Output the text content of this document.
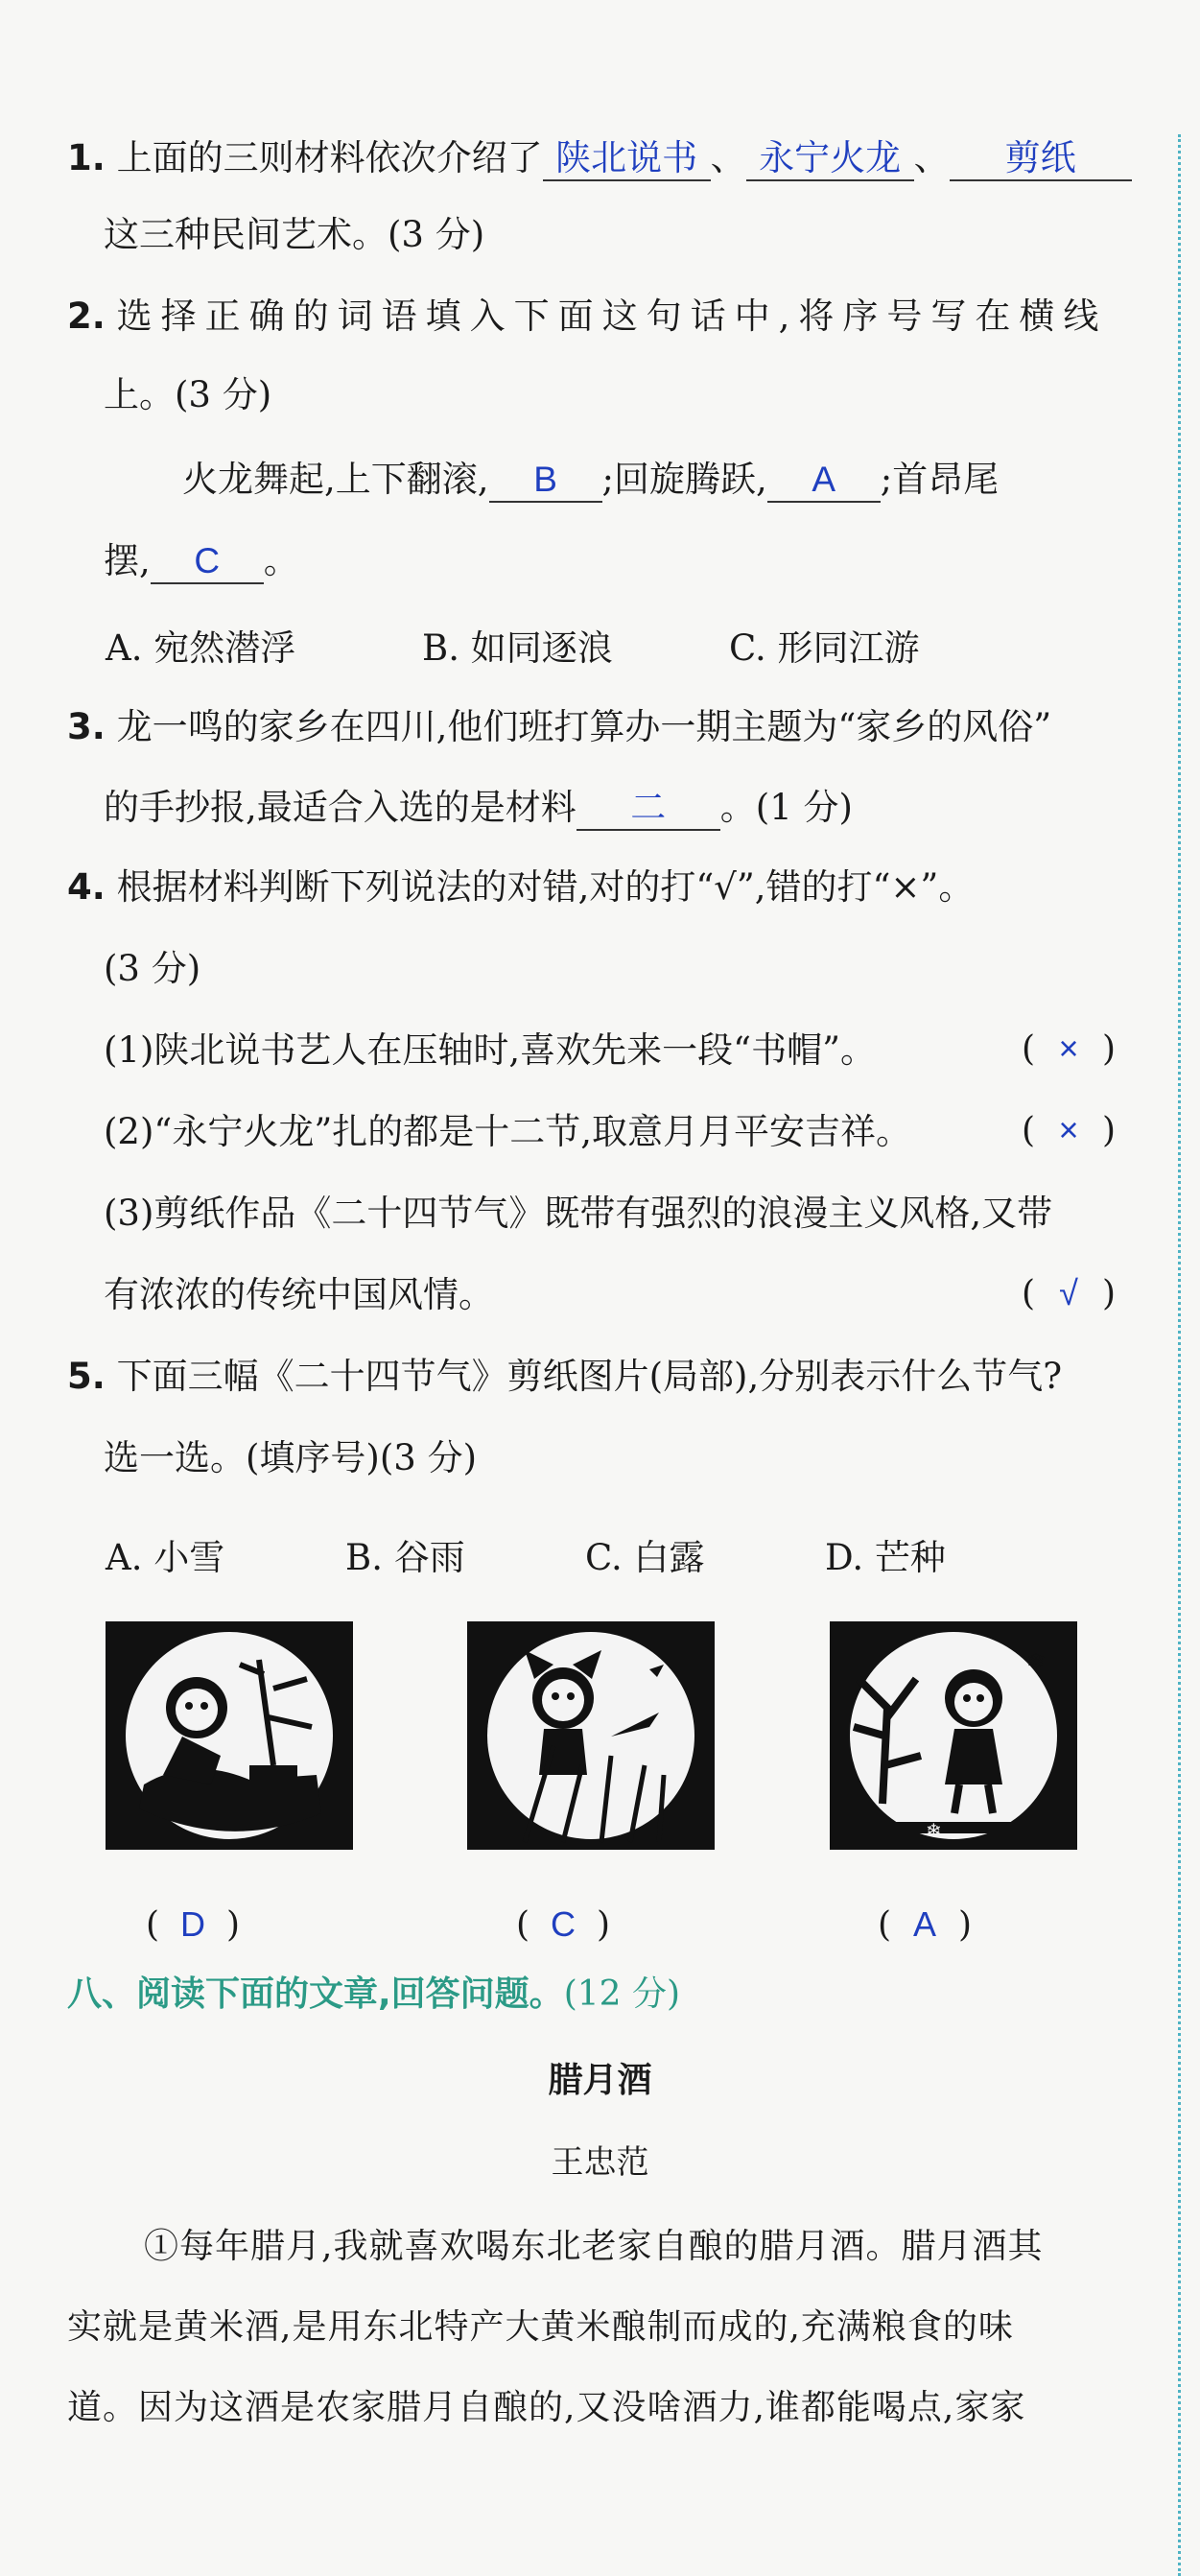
1. 上面的三则材料依次介绍了 陕北说书 、 永宁火龙 、 剪纸
这三种民间艺术。(3 分)
2. 选择正确的词语填入下面这句话中,将序号写在横线
上。(3 分)
火龙舞起,上下翻滚, B ;回旋腾跃, A ;首昂尾
摆, C 。
A. 宛然潜浮	B. 如同逐浪	C. 形同江游
3. 龙一鸣的家乡在四川,他们班打算办一期主题为“家乡的风俗”
的手抄报,最适合入选的是材料 二 。(1 分)
4. 根据材料判断下列说法的对错,对的打“√”,错的打“×”。
(3 分)
(1)陕北说书艺人在压轴时,喜欢先来一段“书帽”。	( × )
(2)“永宁火龙”扎的都是十二节,取意月月平安吉祥。	( × )
(3)剪纸作品《二十四节气》既带有强烈的浪漫主义风格,又带
有浓浓的传统中国风情。	( √ )
5. 下面三幅《二十四节气》剪纸图片(局部),分别表示什么节气?
选一选。(填序号)(3 分)
A. 小雪	B. 谷雨	C. 白露	D. 芒种
❄
❄
( D )	( C )	( A )
八、阅读下面的文章,回答问题。(12 分)
腊月酒
王忠范
①每年腊月,我就喜欢喝东北老家自酿的腊月酒。腊月酒其
实就是黄米酒,是用东北特产大黄米酿制而成的,充满粮食的味
道。因为这酒是农家腊月自酿的,又没啥酒力,谁都能喝点,家家
